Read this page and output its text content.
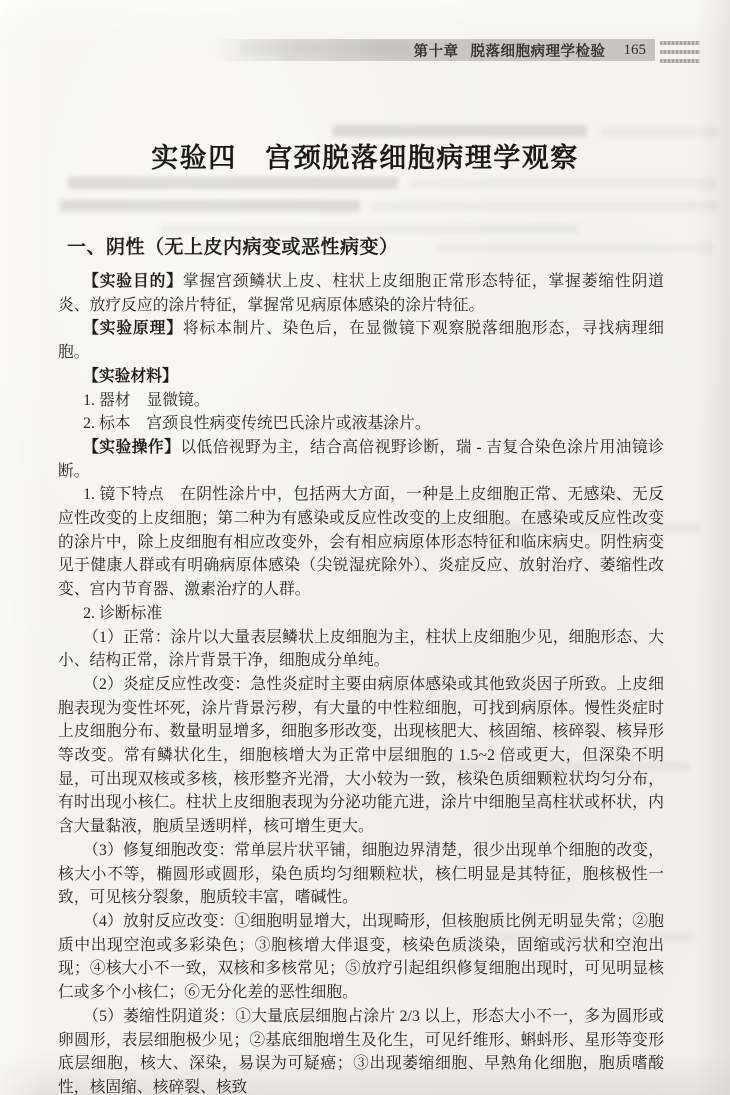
第十章 脱落细胞病理学检验 165
实验四　宫颈脱落细胞病理学观察
一、阴性（无上皮内病变或恶性病变）

【实验目的】掌握宫颈鳞状上皮、柱状上皮细胞正常形态特征，掌握萎缩性阴道炎、放疗反应的涂片特征，掌握常见病原体感染的涂片特征。

【实验原理】将标本制片、染色后，在显微镜下观察脱落细胞形态，寻找病理细胞。

【实验材料】

1. 器材　显微镜。

2. 标本　宫颈良性病变传统巴氏涂片或液基涂片。

【实验操作】以低倍视野为主，结合高倍视野诊断，瑞 - 吉复合染色涂片用油镜诊断。

1. 镜下特点　在阴性涂片中，包括两大方面，一种是上皮细胞正常、无感染、无反应性改变的上皮细胞；第二种为有感染或反应性改变的上皮细胞。在感染或反应性改变的涂片中，除上皮细胞有相应改变外，会有相应病原体形态特征和临床病史。阴性病变见于健康人群或有明确病原体感染（尖锐湿疣除外）、炎症反应、放射治疗、萎缩性改变、宫内节育器、激素治疗的人群。

2. 诊断标准

（1）正常：涂片以大量表层鳞状上皮细胞为主，柱状上皮细胞少见，细胞形态、大小、结构正常，涂片背景干净，细胞成分单纯。

（2）炎症反应性改变：急性炎症时主要由病原体感染或其他致炎因子所致。上皮细胞表现为变性坏死，涂片背景污秽，有大量的中性粒细胞，可找到病原体。慢性炎症时上皮细胞分布、数量明显增多，细胞多形改变，出现核肥大、核固缩、核碎裂、核异形等改变。常有鳞状化生，细胞核增大为正常中层细胞的 1.5~2 倍或更大，但深染不明显，可出现双核或多核，核形整齐光滑，大小较为一致，核染色质细颗粒状均匀分布，有时出现小核仁。柱状上皮细胞表现为分泌功能亢进，涂片中细胞呈高柱状或杯状，内含大量黏液，胞质呈透明样，核可增生更大。

（3）修复细胞改变：常单层片状平铺，细胞边界清楚，很少出现单个细胞的改变，核大小不等，椭圆形或圆形，染色质均匀细颗粒状，核仁明显是其特征，胞核极性一致，可见核分裂象，胞质较丰富，嗜碱性。

（4）放射反应改变：①细胞明显增大，出现畸形，但核胞质比例无明显失常；②胞质中出现空泡或多彩染色；③胞核增大伴退变，核染色质淡染，固缩或污状和空泡出现；④核大小不一致，双核和多核常见；⑤放疗引起组织修复细胞出现时，可见明显核仁或多个小核仁；⑥无分化差的恶性细胞。

（5）萎缩性阴道炎：①大量底层细胞占涂片 2/3 以上，形态大小不一，多为圆形或卵圆形，表层细胞极少见；②基底细胞增生及化生，可见纤维形、蝌蚪形、星形等变形底层细胞，核大、深染，易误为可疑癌；③出现萎缩细胞、早熟角化细胞，胞质嗜酸性，核固缩、核碎裂、核致
